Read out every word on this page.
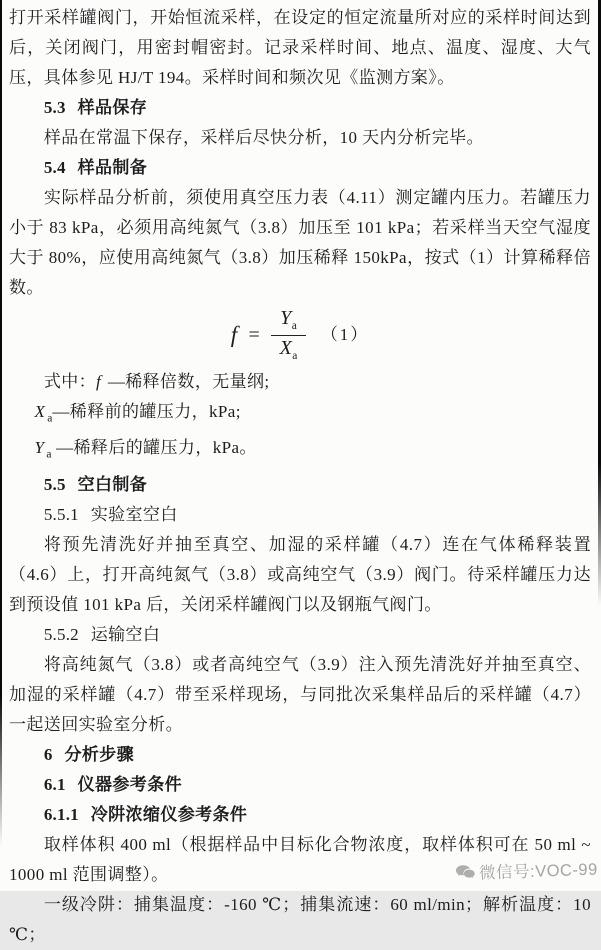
打开采样罐阀门，开始恒流采样，在设定的恒定流量所对应的采样时间达到后，关闭阀门，用密封帽密封。记录采样时间、地点、温度、湿度、大气压，具体参见 HJ/T 194。采样时间和频次见《监测方案》。

5.3 样品保存

样品在常温下保存，采样后尽快分析，10 天内分析完毕。

5.4 样品制备

实际样品分析前，须使用真空压力表（4.11）测定罐内压力。若罐压力小于 83 kPa，必须用高纯氮气（3.8）加压至 101 kPa；若采样当天空气湿度大于 80%，应使用高纯氮气（3.8）加压稀释 150kPa，按式（1）计算稀释倍数。

$f = \frac{Y_a}{X_a} (1)$

式中：f —稀释倍数，无量纲;

X $_a$—稀释前的罐压力，kPa;

Y $_a$ —稀释后的罐压力，kPa。

5.5 空白制备

5.5.1 实验室空白

将预先清洗好并抽至真空、加湿的采样罐（4.7）连在气体稀释装置（4.6）上，打开高纯氮气（3.8）或高纯空气（3.9）阀门。待采样罐压力达到预设值 101 kPa 后，关闭采样罐阀门以及钢瓶气阀门。

5.5.2 运输空白

将高纯氮气（3.8）或者高纯空气（3.9）注入预先清洗好并抽至真空、加湿的采样罐（4.7）带至采样现场，与同批次采集样品后的采样罐（4.7）一起送回实验室分析。

6 分析步骤

6.1 仪器参考条件

6.1.1 冷阱浓缩仪参考条件

取样体积 400 ml（根据样品中目标化合物浓度，取样体积可在 50 ml ~ 1000 ml 范围调整）。

一级冷阱：捕集温度：-160 ℃；捕集流速：60 ml/min；解析温度：10 ℃；

微信号:VOC-99
